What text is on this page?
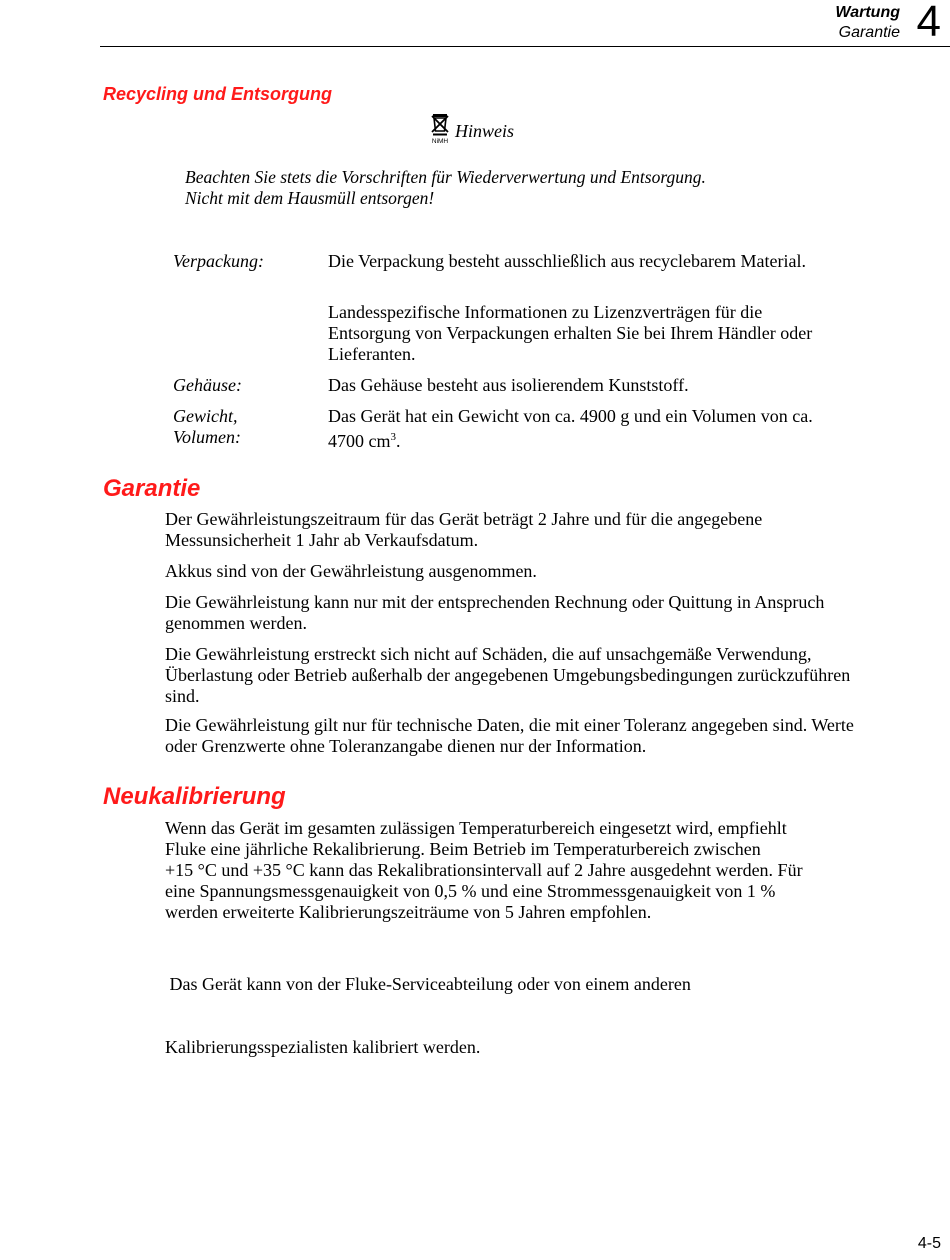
Wartung
Garantie 4
Recycling und Entsorgung
NiMH
Hinweis
Beachten Sie stets die Vorschriften für Wiederverwertung und Entsorgung.
Nicht mit dem Hausmüll entsorgen!
Verpackung:	Die Verpackung besteht ausschließlich aus recyclebarem Material.
Landesspezifische Informationen zu Lizenzverträgen für die Entsorgung von Verpackungen erhalten Sie bei Ihrem Händler oder Lieferanten.
Gehäuse:	Das Gehäuse besteht aus isolierendem Kunststoff.
Gewicht,
Volumen:
Das Gerät hat ein Gewicht von ca. 4900 g und ein Volumen von ca. 4700 $cm^3$.
Garantie
Der Gewährleistungszeitraum für das Gerät beträgt 2 Jahre und für die angegebene Messunsicherheit 1 Jahr ab Verkaufsdatum.
Akkus sind von der Gewährleistung ausgenommen.
Die Gewährleistung kann nur mit der entsprechenden Rechnung oder Quittung in Anspruch genommen werden.
Die Gewährleistung erstreckt sich nicht auf Schäden, die auf unsachgemäße Verwendung, Überlastung oder Betrieb außerhalb der angegebenen Umgebungsbedingungen zurückzuführen sind.
Die Gewährleistung gilt nur für technische Daten, die mit einer Toleranz angegeben sind. Werte oder Grenzwerte ohne Toleranzangabe dienen nur der Information.
Neukalibrierung
Wenn das Gerät im gesamten zulässigen Temperaturbereich eingesetzt wird, empfiehlt
Fluke eine jährliche Rekalibrierung. Beim Betrieb im Temperaturbereich zwischen
+15 °C und +35 °C kann das Rekalibrationsintervall auf 2 Jahre ausgedehnt werden. Für
eine Spannungsmessgenauigkeit von 0,5 % und eine Strommessgenauigkeit von 1 %
werden erweiterte Kalibrierungszeiträume von 5 Jahren empfohlen.

Das Gerät kann von der Fluke-Serviceabteilung oder von einem anderen

Kalibrierungsspezialisten kalibriert werden.

4-5
